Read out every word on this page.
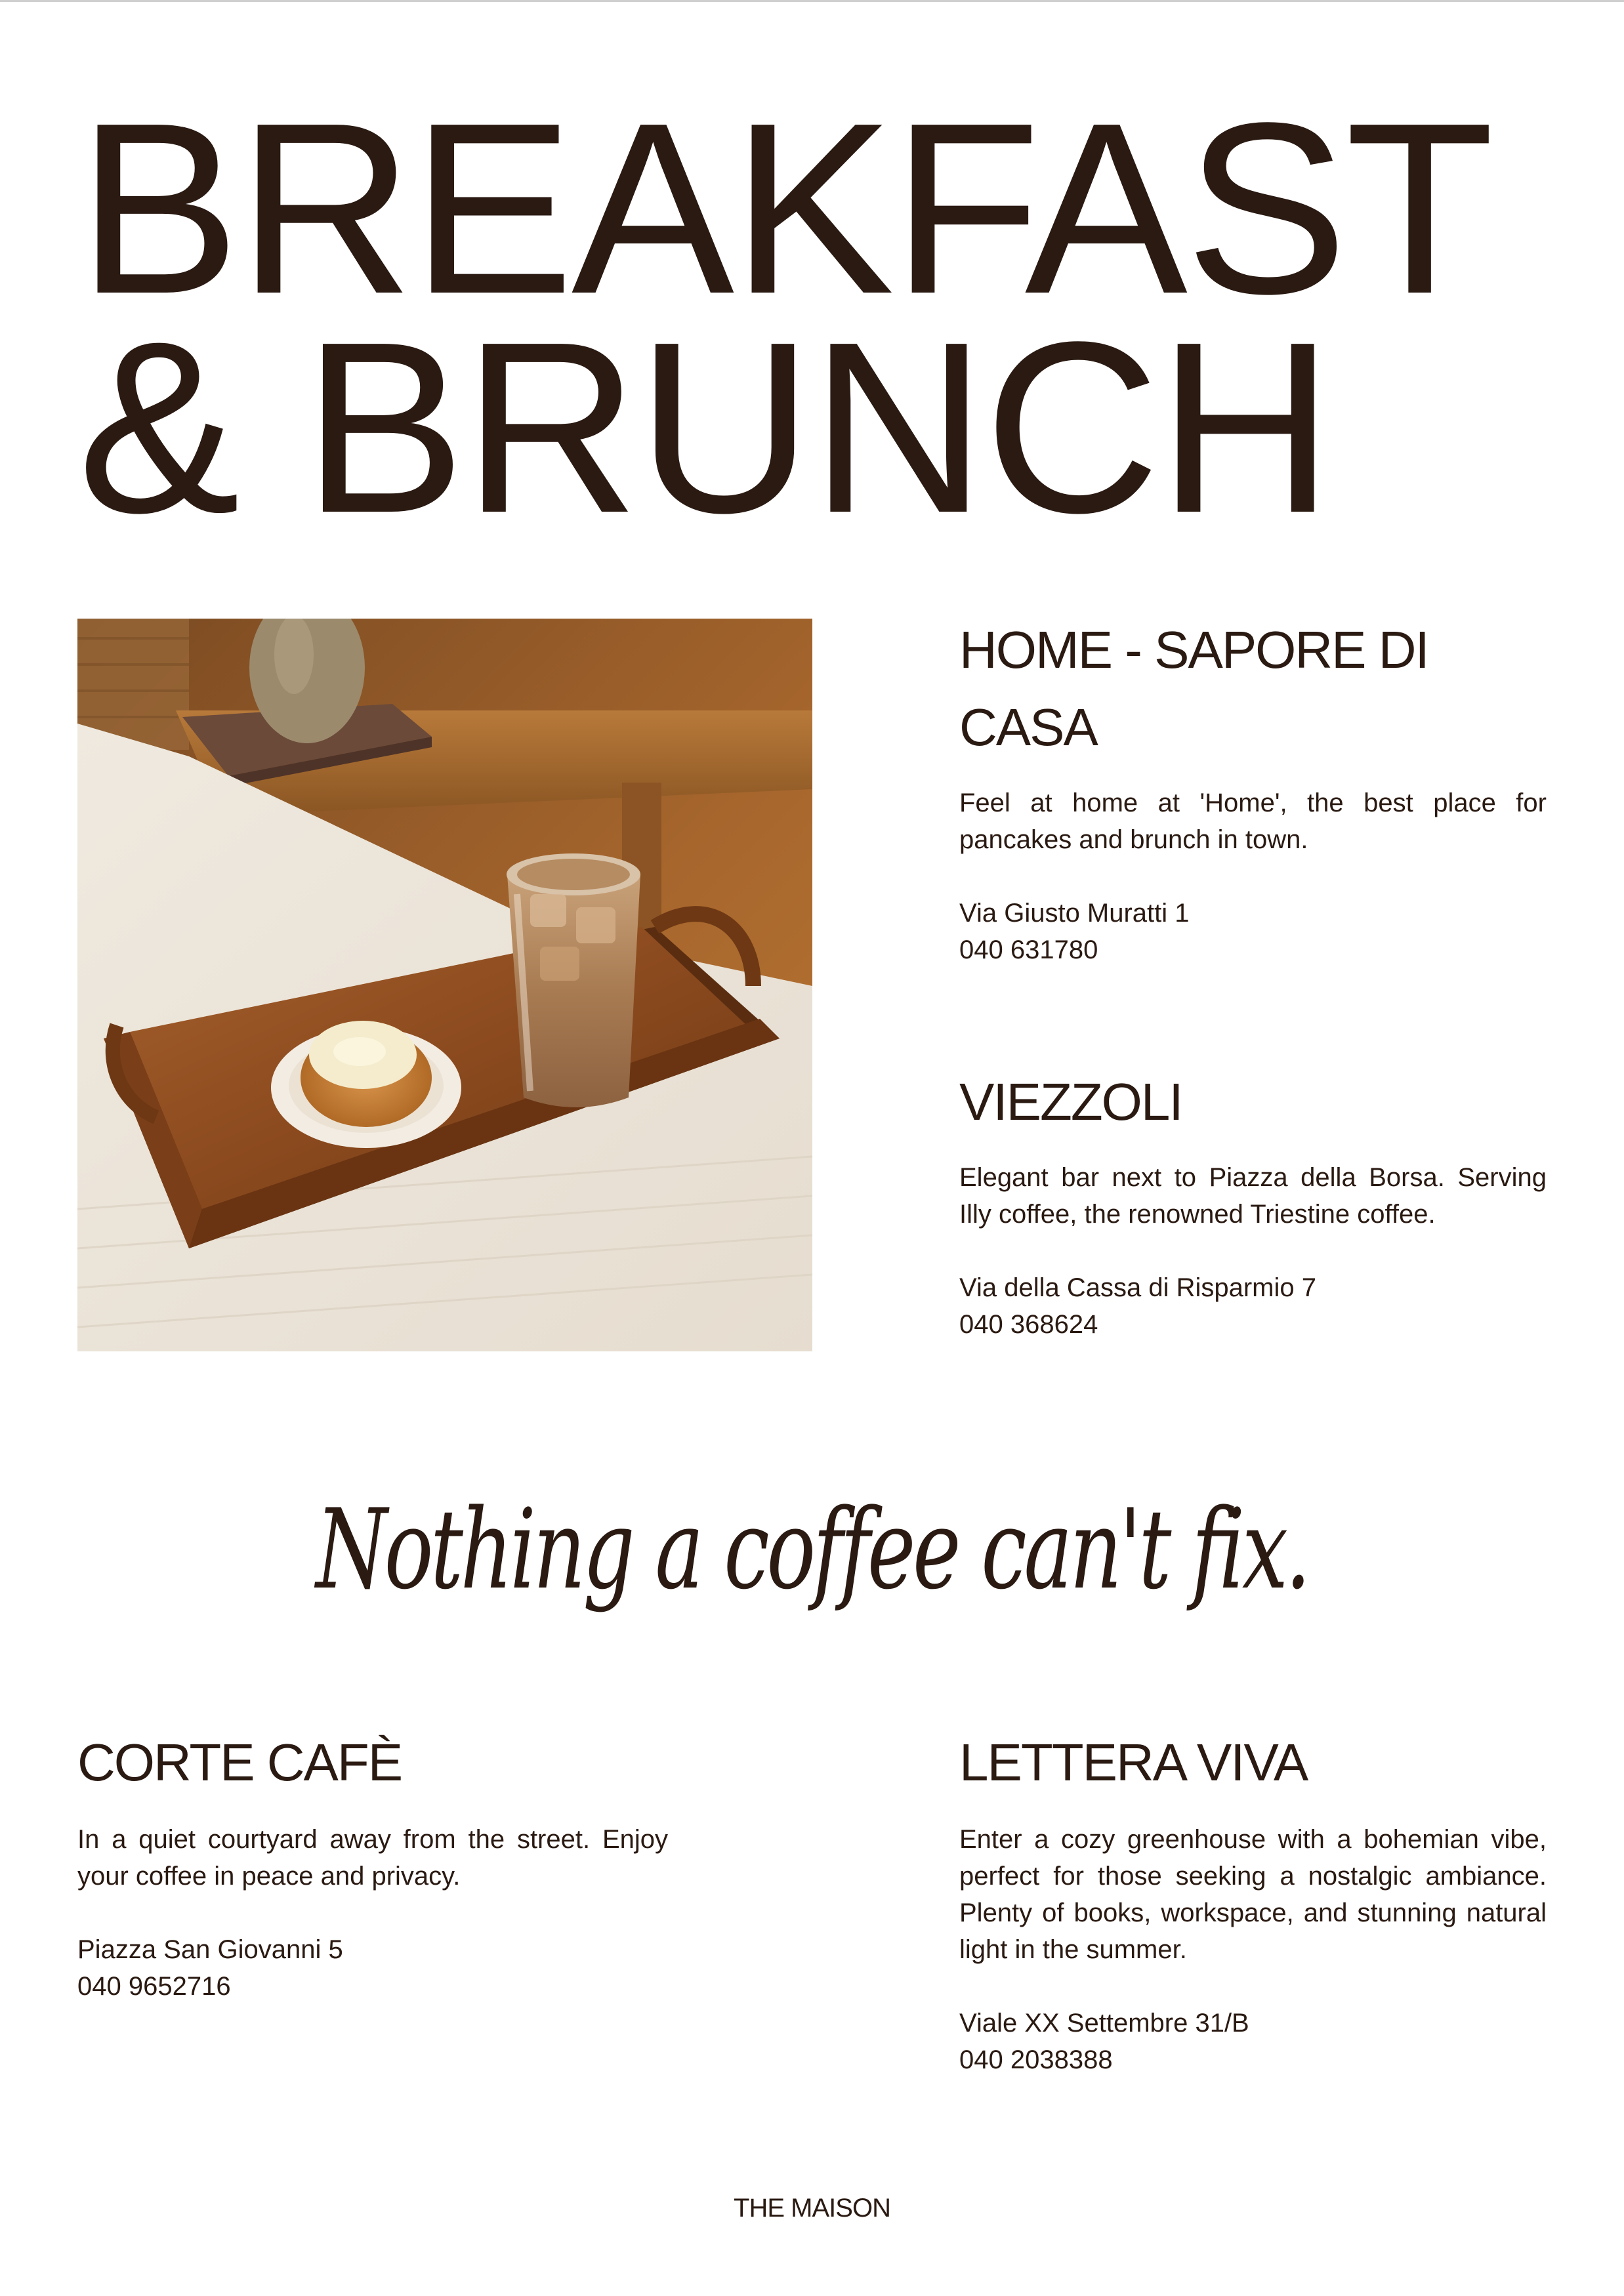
BREAKFAST
& BRUNCH
HOME - SAPORE DI
CASA

Feel at home at 'Home', the best place for pancakes and brunch in town.

Via Giusto Muratti 1
040 631780
VIEZZOLI

Elegant bar next to Piazza della Borsa. Serving Illy coffee, the renowned Triestine coffee.

Via della Cassa di Risparmio 7
040 368624
Nothing a coffee can't fix.
CORTE CAFÈ

In a quiet courtyard away from the street. Enjoy your coffee in peace and privacy.

Piazza San Giovanni 5
040 9652716
LETTERA VIVA

Enter a cozy greenhouse with a bohemian vibe, perfect for those seeking a nostalgic ambiance. Plenty of books, workspace, and stunning natural light in the summer.

Viale XX Settembre 31/B
040 2038388
THE MAISON
